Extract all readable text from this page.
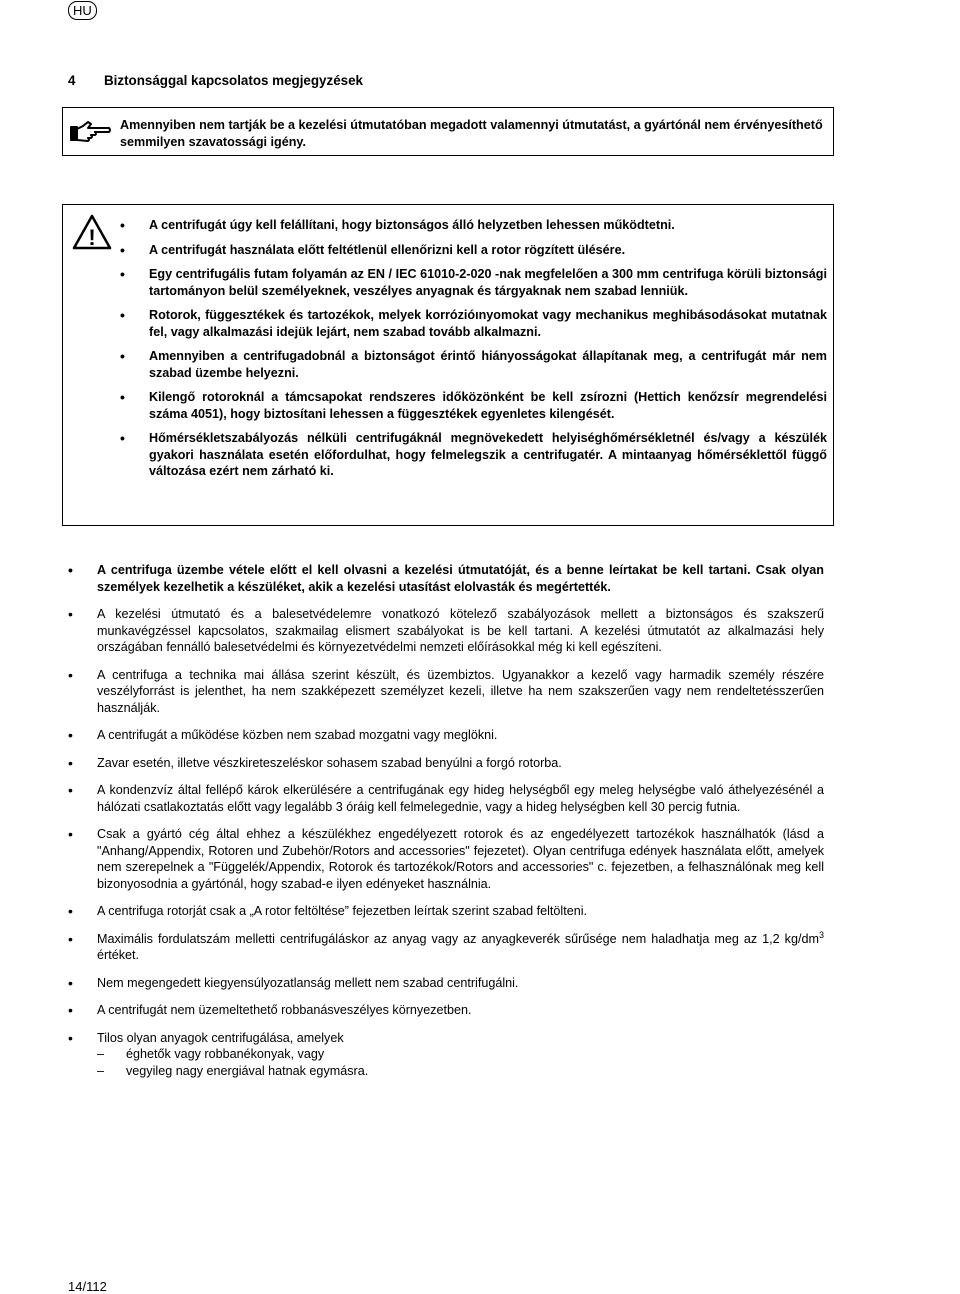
HU
4 Biztonsággal kapcsolatos megjegyzések

Amennyiben nem tartják be a kezelési útmutatóban megadott valamennyi útmutatást, a gyártónál nem érvényesíthető semmilyen szavatossági igény.

!
•	A centrifugát úgy kell felállítani, hogy biztonságos álló helyzetben lehessen működtetni.
• A centrifugát használata előtt feltétlenül ellenőrizni kell a rotor rögzített ülésére.
• Egy centrifugális futam folyamán az EN / IEC 61010-2-020 -nak megfelelően a 300 mm centrifuga körüli biztonsági tartományon belül személyeknek, veszélyes anyagnak és tárgyaknak nem szabad lenniük.
• Rotorok, függesztékek és tartozékok, melyek korrózióınyomokat vagy mechanikus meghibásodásokat mutatnak fel, vagy alkalmazási idejük lejárt, nem szabad tovább alkalmazni.
• Amennyiben a centrifugadobnál a biztonságot érintő hiányosságokat állapítanak meg, a centrifugát már nem szabad üzembe helyezni.
• Kilengő rotoroknál a támcsapokat rendszeres időközönként be kell zsírozni (Hettich kenőzsír megrendelési száma 4051), hogy biztosítani lehessen a függesztékek egyenletes kilengését.
• Hőmérsékletszabályozás nélküli centrifugáknál megnövekedett helyiséghőmérsékletnél és/vagy a készülék gyakori használata esetén előfordulhat, hogy felmelegszik a centrifugatér. A mintaanyag hőmérséklettől függő változása ezért nem zárható ki.
• A centrifuga üzembe vétele előtt el kell olvasni a kezelési útmutatóját, és a benne leírtakat be kell tartani. Csak olyan személyek kezelhetik a készüléket, akik a kezelési utasítást elolvasták és megértették.
• A kezelési útmutató és a balesetvédelemre vonatkozó kötelező szabályozások mellett a biztonságos és szakszerű munkavégzéssel kapcsolatos, szakmailag elismert szabályokat is be kell tartani. A kezelési útmutatót az alkalmazási hely országában fennálló balesetvédelmi és környezetvédelmi nemzeti előírásokkal még ki kell egészíteni.
• A centrifuga a technika mai állása szerint készült, és üzembiztos. Ugyanakkor a kezelő vagy harmadik személy részére veszélyforrást is jelenthet, ha nem szakképezett személyzet kezeli, illetve ha nem szakszerűen vagy nem rendeltetésszerűen használják.
• A centrifugát a működése közben nem szabad mozgatni vagy meglökni.
• Zavar esetén, illetve vészkireteszeléskor sohasem szabad benyúlni a forgó rotorba.
• A kondenzvíz által fellépő károk elkerülésére a centrifugának egy hideg helységből egy meleg helységbe való áthelyezésénél a hálózati csatlakoztatás előtt vagy legalább 3 óráig kell felmelegednie, vagy a hideg helységben kell 30 percig futnia.
• Csak a gyártó cég által ehhez a készülékhez engedélyezett rotorok és az engedélyezett tartozékok használhatók (lásd a "Anhang/Appendix, Rotoren und Zubehör/Rotors and accessories" fejezetet). Olyan centrifuga edények használata előtt, amelyek nem szerepelnek a "Függelék/Appendix, Rotorok és tartozékok/Rotors and accessories" c. fejezetben, a felhasználónak meg kell bizonyosodnia a gyártónál, hogy szabad-e ilyen edényeket használnia.
• A centrifuga rotorját csak a „A rotor feltöltése” fejezetben leírtak szerint szabad feltölteni.
• Maximális fordulatszám melletti centrifugáláskor az anyag vagy az anyagkeverék sűrűsége nem haladhatja meg az 1,2 $kg/dm^3$ értéket.
• Nem megengedett kiegyensúlyozatlanság mellett nem szabad centrifugálni.
• A centrifugát nem üzemeltethető robbanásveszélyes környezetben.
• Tilos olyan anyagok centrifugálása, amelyek
– éghetők vagy robbanékonyak, vagy
– vegyileg nagy energiával hatnak egymásra.
14/112
